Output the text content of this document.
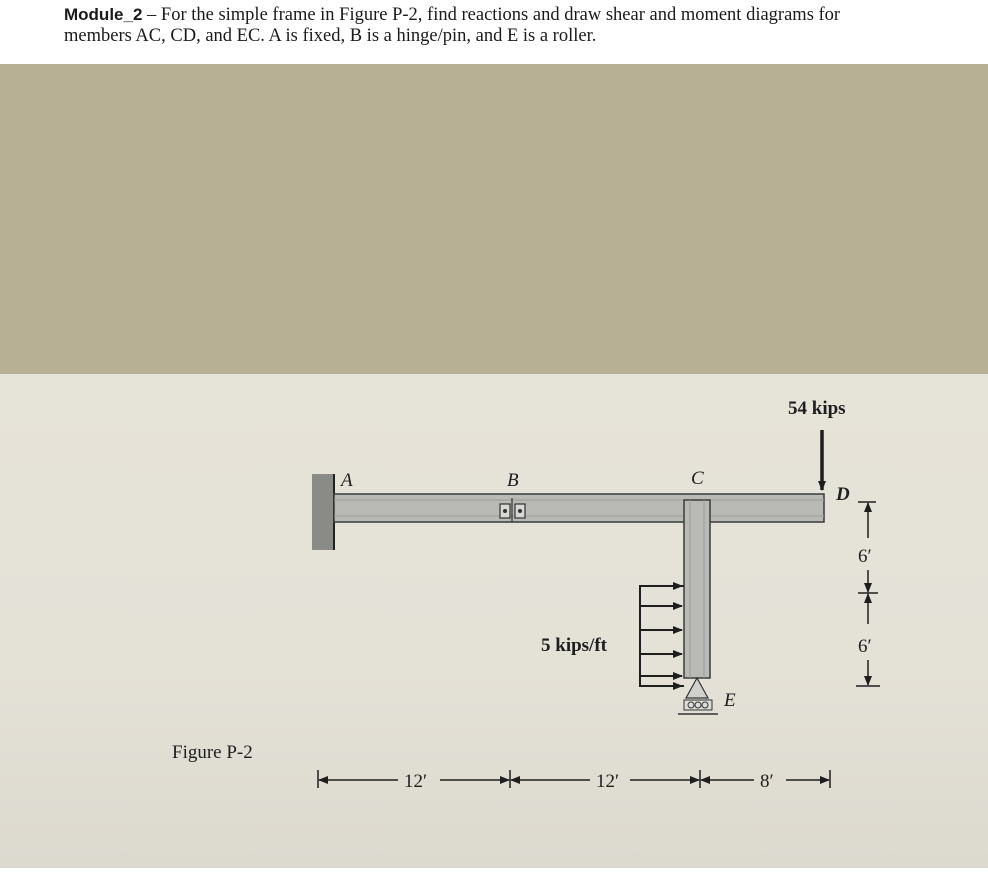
Module_2 – For the simple frame in Figure P-2, find reactions and draw shear and moment diagrams for
members AC, CD, and EC. A is fixed, B is a hinge/pin, and E is a roller.
5 kips/ft
54 kips
A	B	C
D
E
6′
6′
12′	12′	8′
Figure P-2
